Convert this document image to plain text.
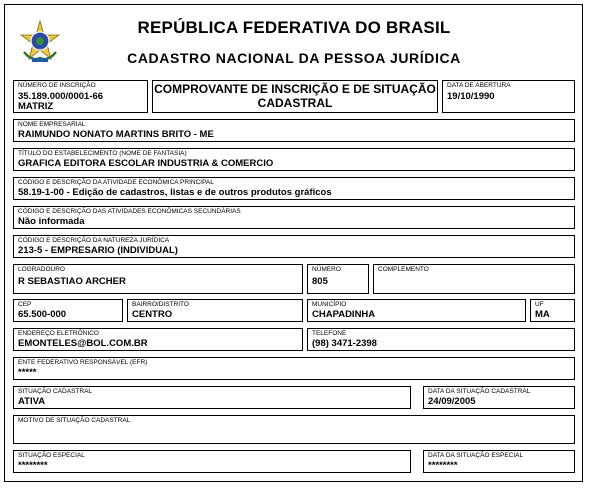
REPÚBLICA FEDERATIVA DO BRASIL
CADASTRO NACIONAL DA PESSOA JURÍDICA
NÚMERO DE INSCRIÇÃO
35.189.000/0001-66
MATRIZ
COMPROVANTE DE INSCRIÇÃO E DE SITUAÇÃO
CADASTRAL
DATA DE ABERTURA
19/10/1990
NOME EMPRESARIAL
RAIMUNDO NONATO MARTINS BRITO - ME
TÍTULO DO ESTABELECIMENTO (NOME DE FANTASIA)
GRAFICA EDITORA ESCOLAR INDUSTRIA & COMERCIO
CÓDIGO E DESCRIÇÃO DA ATIVIDADE ECONÔMICA PRINCIPAL
58.19-1-00 - Edição de cadastros, listas e de outros produtos gráficos
CÓDIGO E DESCRIÇÃO DAS ATIVIDADES ECONÔMICAS SECUNDÁRIAS
Não informada
CÓDIGO E DESCRIÇÃO DA NATUREZA JURÍDICA
213-5 - EMPRESARIO (INDIVIDUAL)
LOGRADOURO
R SEBASTIAO ARCHER
NÚMERO
805
COMPLEMENTO
CEP
65.500-000
BAIRRO/DISTRITO
CENTRO
MUNICÍPIO
CHAPADINHA
UF
MA
ENDEREÇO ELETRÔNICO
EMONTELES@BOL.COM.BR
TELEFONE
(98) 3471-2398
ENTE FEDERATIVO RESPONSÁVEL (EFR)
*****
SITUAÇÃO CADASTRAL
ATIVA
DATA DA SITUAÇÃO CADASTRAL
24/09/2005
MOTIVO DE SITUAÇÃO CADASTRAL
SITUAÇÃO ESPECIAL
********
DATA DA SITUAÇÃO ESPECIAL
********
